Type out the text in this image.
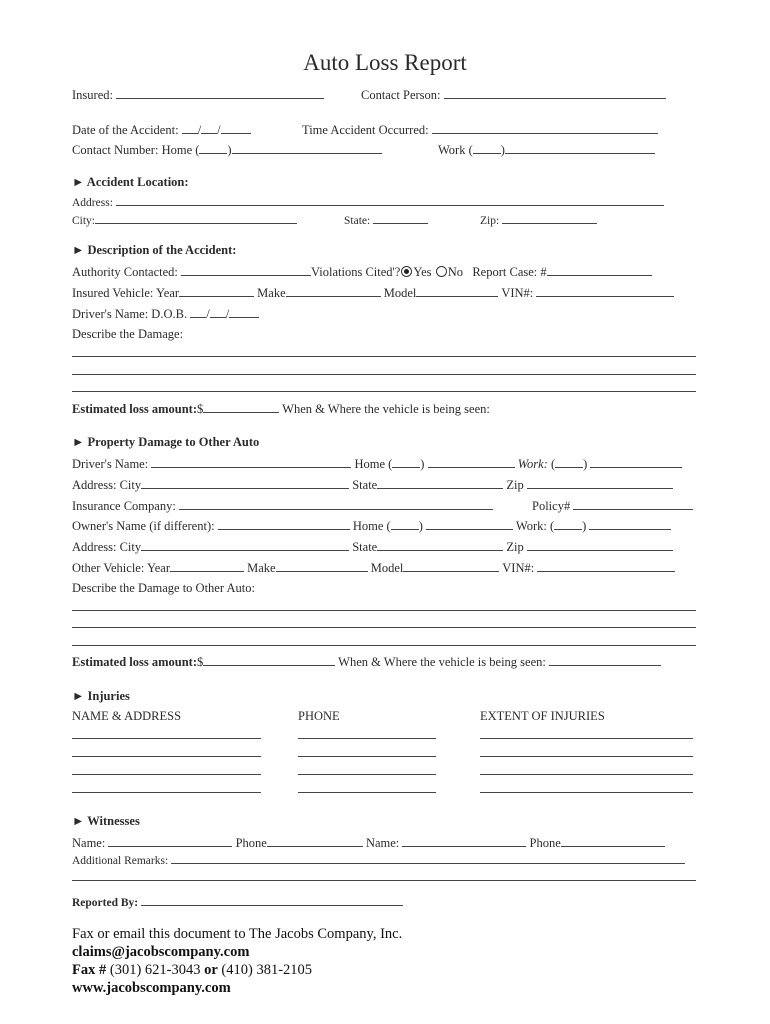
Auto Loss Report
Insured:	Contact Person:
Date of the Accident: / /	Time Accident Occurred:
Contact Number: Home ( )	Work ( )
► Accident Location:
Address:
City:	State:	Zip:
► Description of the Accident:
Authority Contacted:	Violations Cited'? Yes No Report Case: #
Insured Vehicle: Year	Make	Model	VIN#:
Driver's Name: D.O.B. / /
Describe the Damage:
Estimated loss amount:$	When & Where the vehicle is being seen:
► Property Damage to Other Auto
Driver's Name:	Home ( )	Work: ( )
Address: City	State	Zip
Insurance Company:	Policy#
Owner's Name (if different):	Home ( )	Work: ( )
Address: City	State	Zip
Other Vehicle: Year	Make	Model	VIN#:
Describe the Damage to Other Auto:
Estimated loss amount:$	When & Where the vehicle is being seen:
► Injuries
NAME & ADDRESS	PHONE	EXTENT OF INJURIES
► Witnesses
Name:	Phone	Name:	Phone
Additional Remarks:
Reported By:
Fax or email this document to The Jacobs Company, Inc.
claims@jacobscompany.com
Fax # (301) 621-3043 or (410) 381-2105
www.jacobscompany.com
